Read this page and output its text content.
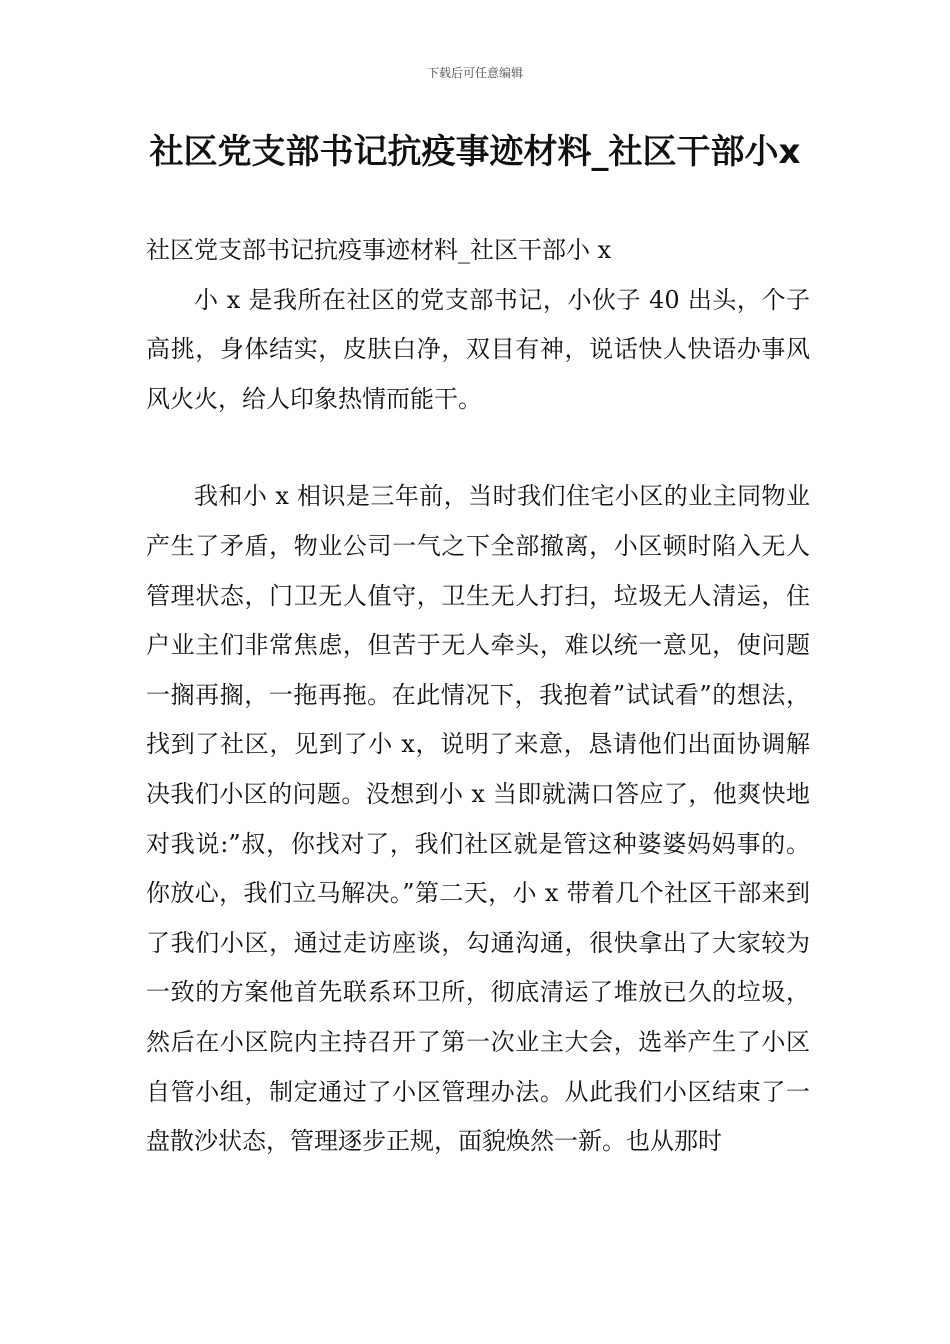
下载后可任意编辑
社区党支部书记抗疫事迹材料_社区干部小x

社区党支部书记抗疫事迹材料_社区干部小 x

小 x 是我所在社区的党支部书记，小伙子 40 出头，个子高挑，身体结实，皮肤白净，双目有神，说话快人快语办事风风火火，给人印象热情而能干。

我和小 x 相识是三年前，当时我们住宅小区的业主同物业产生了矛盾，物业公司一气之下全部撤离，小区顿时陷入无人管理状态，门卫无人值守，卫生无人打扫，垃圾无人清运，住户业主们非常焦虑，但苦于无人牵头，难以统一意见，使问题一搁再搁，一拖再拖。在此情况下，我抱着”试试看”的想法，找到了社区，见到了小 x，说明了来意，恳请他们出面协调解决我们小区的问题。没想到小 x 当即就满口答应了，他爽快地对我说:”叔，你找对了，我们社区就是管这种婆婆妈妈事的。你放心，我们立马解决。”第二天，小 x 带着几个社区干部来到了我们小区，通过走访座谈，勾通沟通，很快拿出了大家较为一致的方案他首先联系环卫所，彻底清运了堆放已久的垃圾，然后在小区院内主持召开了第一次业主大会，选举产生了小区自管小组，制定通过了小区管理办法。从此我们小区结束了一盘散沙状态，管理逐步正规，面貌焕然一新。也从那时
